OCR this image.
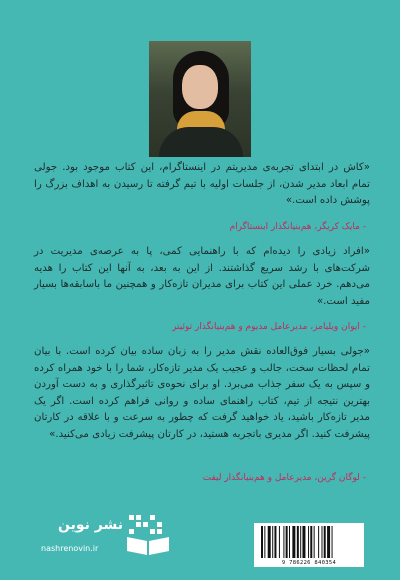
«کاش در ابتدای تجربه‌ی مدیریتم در اینستاگرام، این کتاب موجود بود. جولی تمام ابعاد مدیر شدن، از جلسات اولیه با تیم گرفته تا رسیدن به اهداف بزرگ را پوشش داده است.»
- مایک کریگر، هم‌بنیانگذار اینستاگرام
«افراد زیادی را دیده‌ام که با راهنمایی کمی، پا به عرصه‌ی مدیریت در شرکت‌های با رشد سریع گذاشتند. از این به بعد، به آنها این کتاب را هدیه می‌دهم. خرد عملی این کتاب برای مدیران تازه‌کار و همچنین ما باسابقه‌ها بسیار مفید است.»
- ایوان ویلیامز، مدیرعامل مدیوم و هم‌بنیانگذار توئیتر
«جولی بسیار فوق‌العاده نقش مدیر را به زبان ساده بیان کرده است. با بیان تمام لحظات سخت، جالب و عجیب یک مدیر تازه‌کار، شما را با خود همراه کرده و سپس به یک سفر جذاب می‌برد. او برای نحوه‌ی تاثیرگذاری و به دست آوردن بهترین نتیجه از تیم، کتاب راهنمای ساده و روانی فراهم کرده است. اگر یک مدیر تازه‌کار باشید، یاد خواهید گرفت که چطور به سرعت و با علاقه در کارتان پیشرفت کنید. اگر مدیری باتجربه هستید، در کارتان پیشرفت زیادی می‌کنید.»
- لوگان گرین، مدیرعامل و هم‌بنیانگذار لیفت
نشر نوین
nashrenovin.ir
9 786226 840354
